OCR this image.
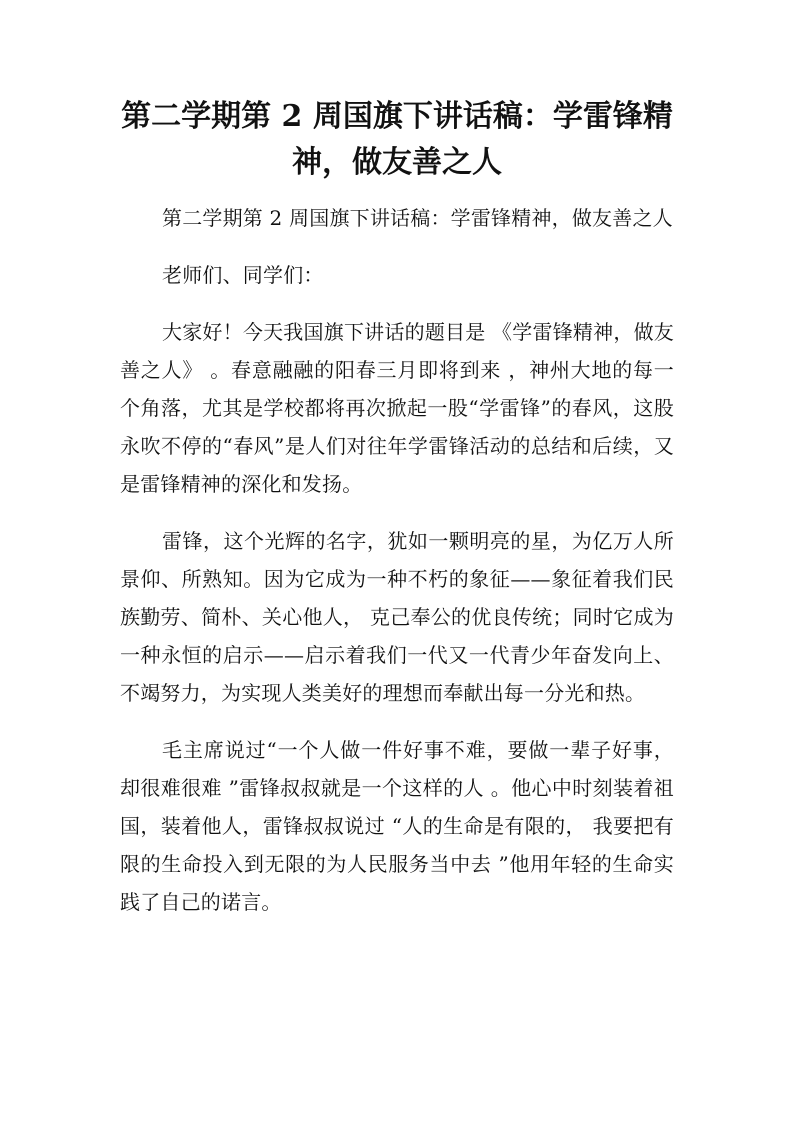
第二学期第 2 周国旗下讲话稿：学雷锋精神，做友善之人

第二学期第 2 周国旗下讲话稿：学雷锋精神，做友善之人

老师们、同学们：

大家好！今天我国旗下讲话的题目是 《学雷锋精神，做友善之人》 。春意融融的阳春三月即将到来 ，神州大地的每一个角落，尤其是学校都将再次掀起一股“学雷锋”的春风，这股永吹不停的“春风”是人们对往年学雷锋活动的总结和后续，又是雷锋精神的深化和发扬。

雷锋，这个光辉的名字，犹如一颗明亮的星，为亿万人所景仰、所熟知。因为它成为一种不朽的象征——象征着我们民族勤劳、简朴、关心他人， 克己奉公的优良传统；同时它成为一种永恒的启示——启示着我们一代又一代青少年奋发向上、不竭努力，为实现人类美好的理想而奉献出每一分光和热。

毛主席说过“一个人做一件好事不难，要做一辈子好事，却很难很难 ”雷锋叔叔就是一个这样的人 。他心中时刻装着祖国，装着他人，雷锋叔叔说过 “人的生命是有限的， 我要把有限的生命投入到无限的为人民服务当中去 ”他用年轻的生命实践了自己的诺言。
